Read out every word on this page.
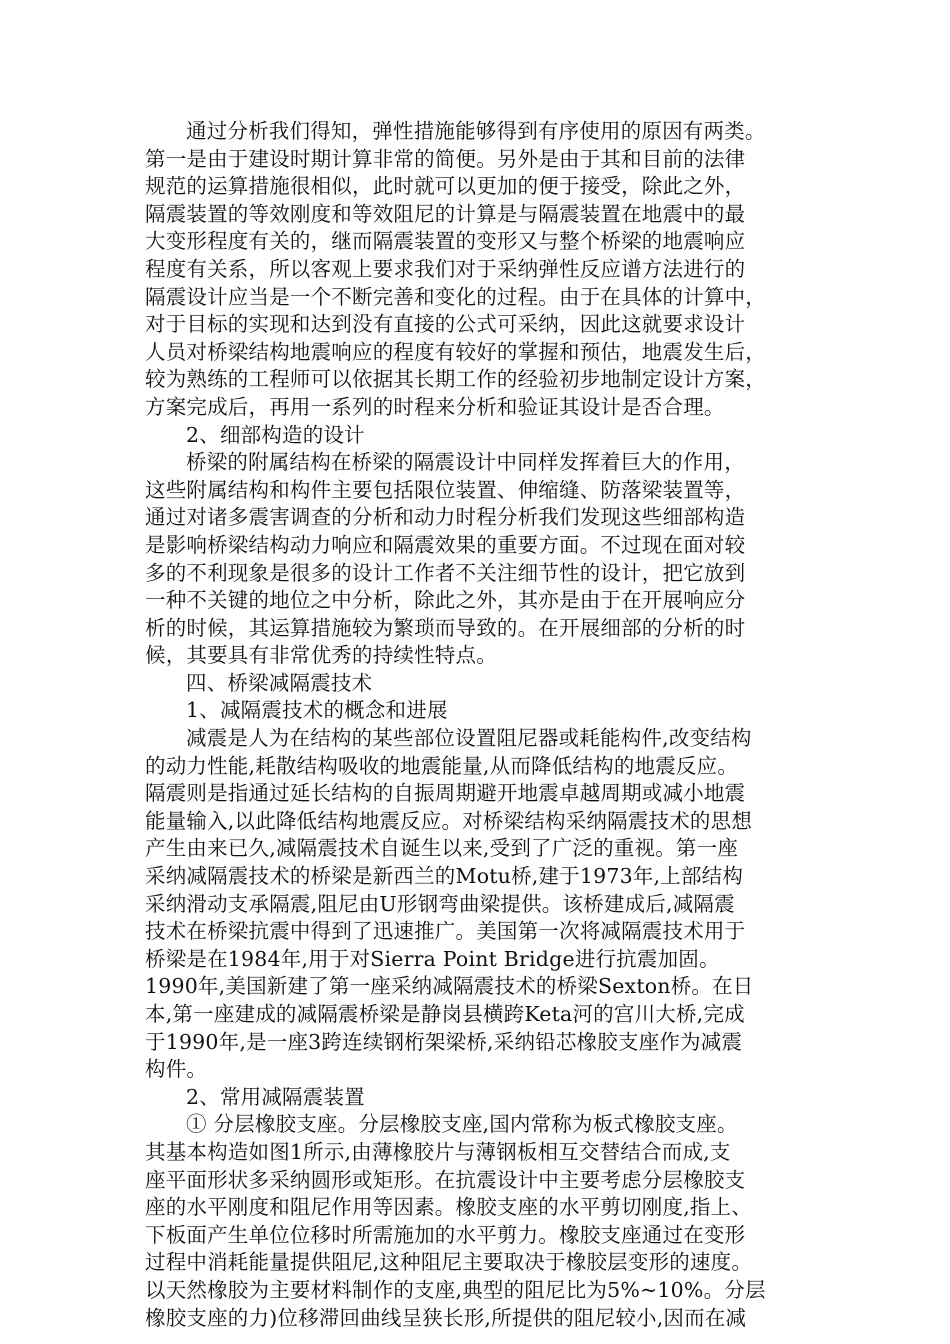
通过分析我们得知，弹性措施能够得到有序使用的原因有两类。
第一是由于建设时期计算非常的简便。另外是由于其和目前的法律
规范的运算措施很相似，此时就可以更加的便于接受，除此之外，
隔震装置的等效刚度和等效阻尼的计算是与隔震装置在地震中的最
大变形程度有关的，继而隔震装置的变形又与整个桥梁的地震响应
程度有关系，所以客观上要求我们对于采纳弹性反应谱方法进行的
隔震设计应当是一个不断完善和变化的过程。由于在具体的计算中，
对于目标的实现和达到没有直接的公式可采纳，因此这就要求设计
人员对桥梁结构地震响应的程度有较好的掌握和预估，地震发生后，
较为熟练的工程师可以依据其长期工作的经验初步地制定设计方案，
方案完成后，再用一系列的时程来分析和验证其设计是否合理。
2、细部构造的设计
桥梁的附属结构在桥梁的隔震设计中同样发挥着巨大的作用，
这些附属结构和构件主要包括限位装置、伸缩缝、防落梁装置等，
通过对诸多震害调查的分析和动力时程分析我们发现这些细部构造
是影响桥梁结构动力响应和隔震效果的重要方面。不过现在面对较
多的不利现象是很多的设计工作者不关注细节性的设计，把它放到
一种不关键的地位之中分析，除此之外，其亦是由于在开展响应分
析的时候，其运算措施较为繁琐而导致的。在开展细部的分析的时
候，其要具有非常优秀的持续性特点。
四、桥梁减隔震技术
1、减隔震技术的概念和进展
减震是人为在结构的某些部位设置阻尼器或耗能构件,改变结构
的动力性能,耗散结构吸收的地震能量,从而降低结构的地震反应。
隔震则是指通过延长结构的自振周期避开地震卓越周期或减小地震
能量输入,以此降低结构地震反应。对桥梁结构采纳隔震技术的思想
产生由来已久,减隔震技术自诞生以来,受到了广泛的重视。第一座
采纳减隔震技术的桥梁是新西兰的Motu桥,建于1973年,上部结构
采纳滑动支承隔震,阻尼由U形钢弯曲梁提供。该桥建成后,减隔震
技术在桥梁抗震中得到了迅速推广。美国第一次将减隔震技术用于
桥梁是在1984年,用于对Sierra Point Bridge进行抗震加固。
1990年,美国新建了第一座采纳减隔震技术的桥梁Sexton桥。在日
本,第一座建成的减隔震桥梁是静岗县横跨Keta河的宫川大桥,完成
于1990年,是一座3跨连续钢桁架梁桥,采纳铅芯橡胶支座作为减震
构件。
2、常用减隔震装置
① 分层橡胶支座。分层橡胶支座,国内常称为板式橡胶支座。
其基本构造如图1所示,由薄橡胶片与薄钢板相互交替结合而成,支
座平面形状多采纳圆形或矩形。在抗震设计中主要考虑分层橡胶支
座的水平刚度和阻尼作用等因素。橡胶支座的水平剪切刚度,指上、
下板面产生单位位移时所需施加的水平剪力。橡胶支座通过在变形
过程中消耗能量提供阻尼,这种阻尼主要取决于橡胶层变形的速度。
以天然橡胶为主要材料制作的支座,典型的阻尼比为5%~10%。分层
橡胶支座的力)位移滞回曲线呈狭长形,所提供的阻尼较小,因而在减
